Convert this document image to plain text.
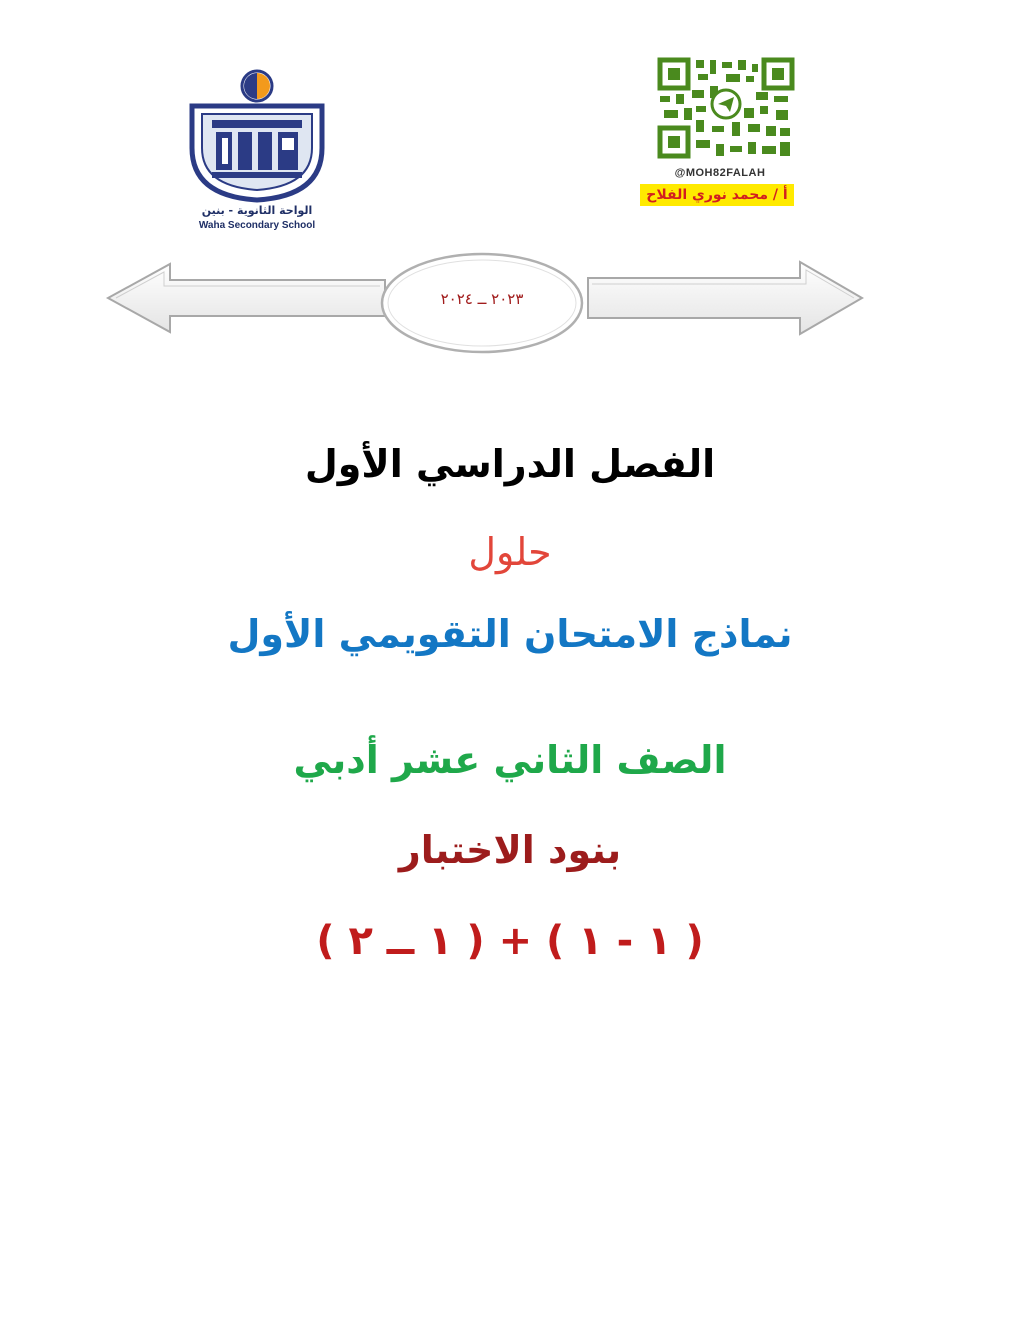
الواحة الثانوية - بنين
Waha Secondary School
@MOH82FALAH
أ / محمد نوري الفلاح
٢٠٢٣ ــ ٢٠٢٤
الفصل الدراسي الأول
حلول
نماذج الامتحان التقويمي الأول
الصف الثاني عشر أدبي
بنود الاختبار
( ١ - ١ ) + ( ١ ــ ٢ )
